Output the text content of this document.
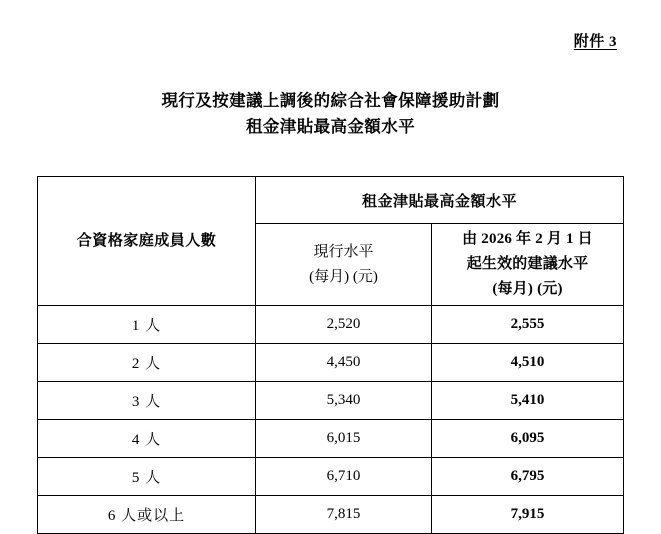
附件 3
現行及按建議上調後的綜合社會保障援助計劃
租金津貼最高金額水平
合資格家庭成員人數	租金津貼最高金額水平	

現行水平
(每月) (元)

由 2026 年 2 月 1 日
起生效的建議水平
(每月) (元)

1 人	2,520	2,555
2 人	4,450	4,510
3 人	5,340	5,410
4 人	6,015	6,095
5 人	6,710	6,795
6 人或以上	7,815	7,915
